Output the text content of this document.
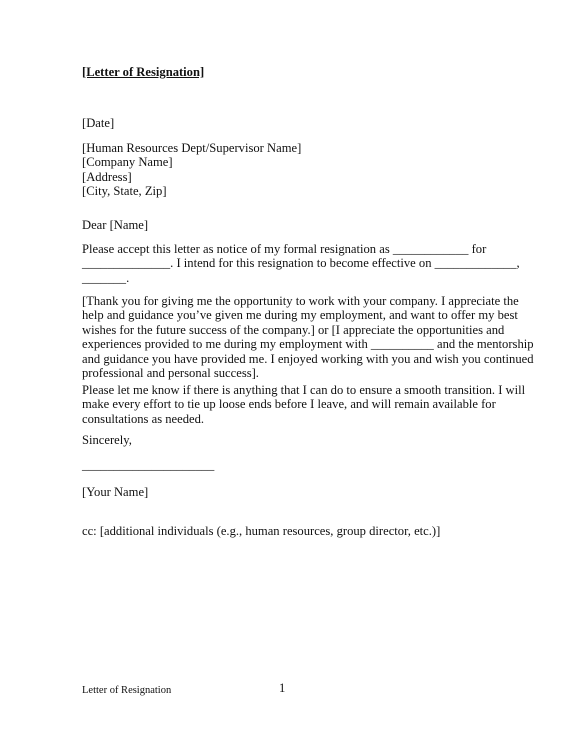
[Letter of Resignation]
[Date]
[Human Resources Dept/Supervisor Name]
[Company Name]
[Address]
[City, State, Zip]
Dear [Name]
Please accept this letter as notice of my formal resignation as ____________ for
______________. I intend for this resignation to become effective on _____________,
_______.
[Thank you for giving me the opportunity to work with your company. I appreciate the
help and guidance you’ve given me during my employment, and want to offer my best
wishes for the future success of the company.] or [I appreciate the opportunities and
experiences provided to me during my employment with __________ and the mentorship
and guidance you have provided me. I enjoyed working with you and wish you continued
professional and personal success].
Please let me know if there is anything that I can do to ensure a smooth transition. I will
make every effort to tie up loose ends before I leave, and will remain available for
consultations as needed.
Sincerely,
_____________________
[Your Name]
cc: [additional individuals (e.g., human resources, group director, etc.)]
Letter of Resignation	1
